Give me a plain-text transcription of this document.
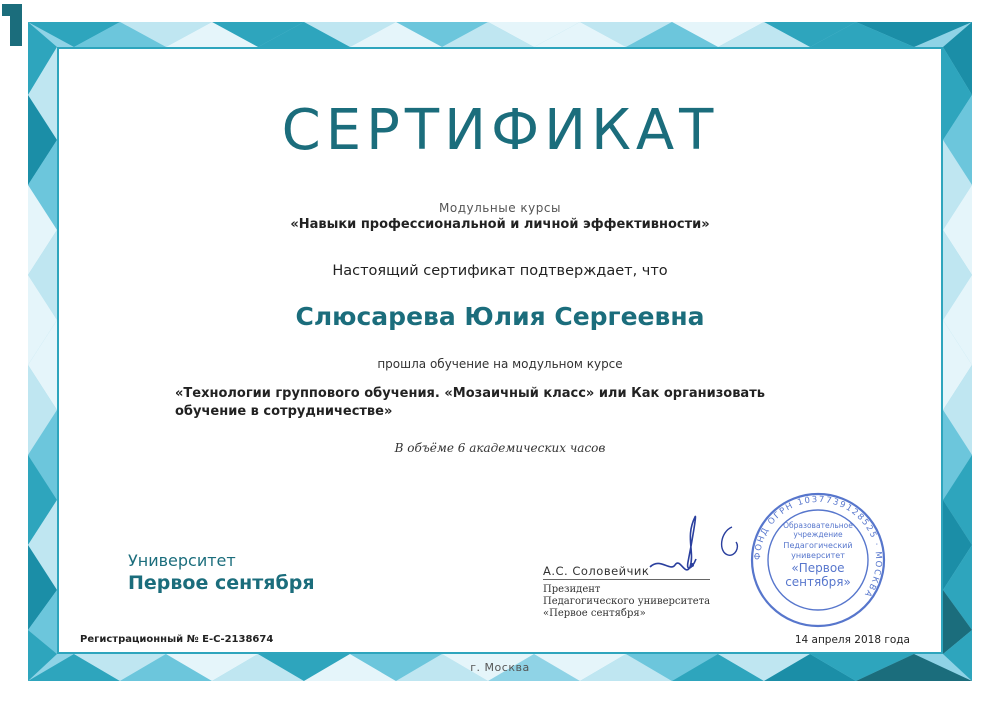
СЕРТИФИКАТ

Модульные курсы

«Навыки профессиональной и личной эффективности»

Настоящий сертификат подтверждает, что

Слюсарева Юлия Сергеевна

прошла обучение на модульном курсе

«Технологии группового обучения. «Мозаичный класс» или Как организовать обучение в сотрудничестве»

В объёме 6 академических часов

Университет

Первое сентября

А.С. Соловейчик

Президент

Педагогического университета

«Первое сентября»

ФОНД ОГРН 1037739128525 · МОСКВА
Образовательное
учреждение
Педагогический
университет
«Первое
сентября»

Регистрационный № Е-С-2138674	14 апреля 2018 года

г. Москва
